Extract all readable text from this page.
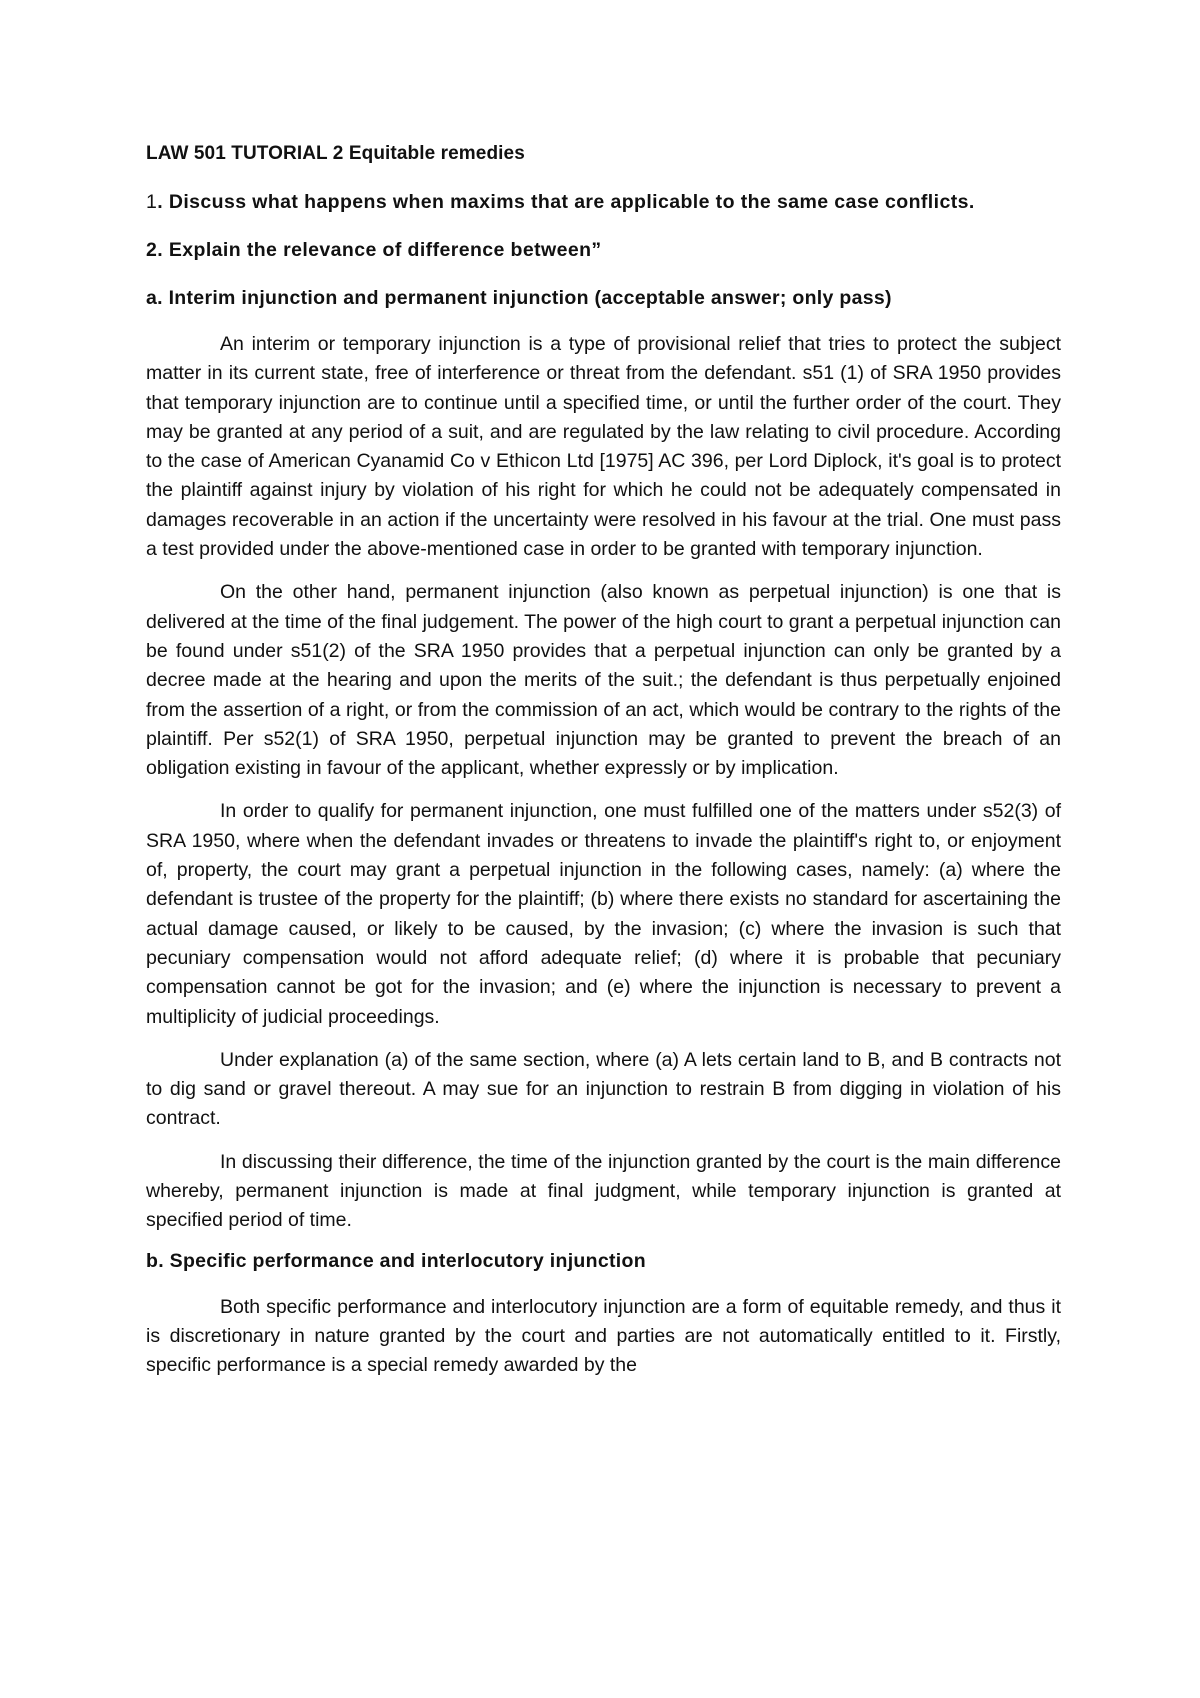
LAW 501 TUTORIAL 2 Equitable remedies
1. Discuss what happens when maxims that are applicable to the same case conflicts.
2. Explain the relevance of difference between”
a. Interim injunction and permanent injunction (acceptable answer; only pass)

An interim or temporary injunction is a type of provisional relief that tries to protect the subject matter in its current state, free of interference or threat from the defendant. s51 (1) of SRA 1950 provides that temporary injunction are to continue until a specified time, or until the further order of the court. They may be granted at any period of a suit, and are regulated by the law relating to civil procedure. According to the case of American Cyanamid Co v Ethicon Ltd [1975] AC 396, per Lord Diplock, it's goal is to protect the plaintiff against injury by violation of his right for which he could not be adequately compensated in damages recoverable in an action if the uncertainty were resolved in his favour at the trial. One must pass a test provided under the above-mentioned case in order to be granted with temporary injunction.

On the other hand, permanent injunction (also known as perpetual injunction) is one that is delivered at the time of the final judgement. The power of the high court to grant a perpetual injunction can be found under s51(2) of the SRA 1950 provides that a perpetual injunction can only be granted by a decree made at the hearing and upon the merits of the suit.; the defendant is thus perpetually enjoined from the assertion of a right, or from the commission of an act, which would be contrary to the rights of the plaintiff. Per s52(1) of SRA 1950, perpetual injunction may be granted to prevent the breach of an obligation existing in favour of the applicant, whether expressly or by implication.

In order to qualify for permanent injunction, one must fulfilled one of the matters under s52(3) of SRA 1950, where when the defendant invades or threatens to invade the plaintiff's right to, or enjoyment of, property, the court may grant a perpetual injunction in the following cases, namely: (a) where the defendant is trustee of the property for the plaintiff; (b) where there exists no standard for ascertaining the actual damage caused, or likely to be caused, by the invasion; (c) where the invasion is such that pecuniary compensation would not afford adequate relief; (d) where it is probable that pecuniary compensation cannot be got for the invasion; and (e) where the injunction is necessary to prevent a multiplicity of judicial proceedings.

Under explanation (a) of the same section, where (a) A lets certain land to B, and B contracts not to dig sand or gravel thereout. A may sue for an injunction to restrain B from digging in violation of his contract.

In discussing their difference, the time of the injunction granted by the court is the main difference whereby, permanent injunction is made at final judgment, while temporary injunction is granted at specified period of time.

b. Specific performance and interlocutory injunction

Both specific performance and interlocutory injunction are a form of equitable remedy, and thus it is discretionary in nature granted by the court and parties are not automatically entitled to it. Firstly, specific performance is a special remedy awarded by the
